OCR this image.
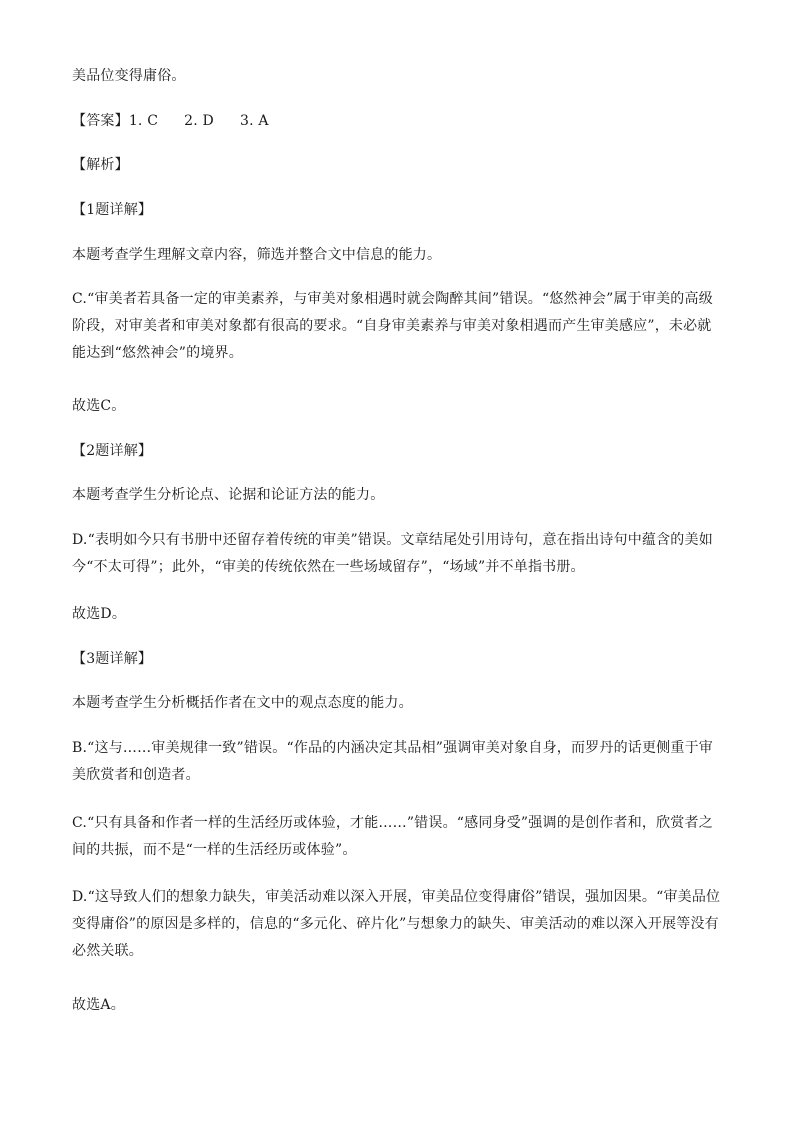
美品位变得庸俗。
【答案】1. C 2. D 3. A
【解析】
【1题详解】
本题考查学生理解文章内容，筛选并整合文中信息的能力。
C.“审美者若具备一定的审美素养，与审美对象相遇时就会陶醉其间”错误。“悠然神会”属于审美的高级阶段，对审美者和审美对象都有很高的要求。“自身审美素养与审美对象相遇而产生审美感应”，未必就能达到“悠然神会”的境界。
故选C。
【2题详解】
本题考查学生分析论点、论据和论证方法的能力。
D.“表明如今只有书册中还留存着传统的审美”错误。文章结尾处引用诗句，意在指出诗句中蕴含的美如今“不太可得”；此外，“审美的传统依然在一些场域留存”，“场域”并不单指书册。
故选D。
【3题详解】
本题考查学生分析概括作者在文中的观点态度的能力。
B.“这与……审美规律一致”错误。“作品的内涵决定其品相”强调审美对象自身，而罗丹的话更侧重于审美欣赏者和创造者。
C.“只有具备和作者一样的生活经历或体验，才能……”错误。“感同身受”强调的是创作者和，欣赏者之间的共振，而不是“一样的生活经历或体验”。
D.“这导致人们的想象力缺失，审美活动难以深入开展，审美品位变得庸俗”错误，强加因果。“审美品位变得庸俗”的原因是多样的，信息的“多元化、碎片化”与想象力的缺失、审美活动的难以深入开展等没有必然关联。
故选A。
